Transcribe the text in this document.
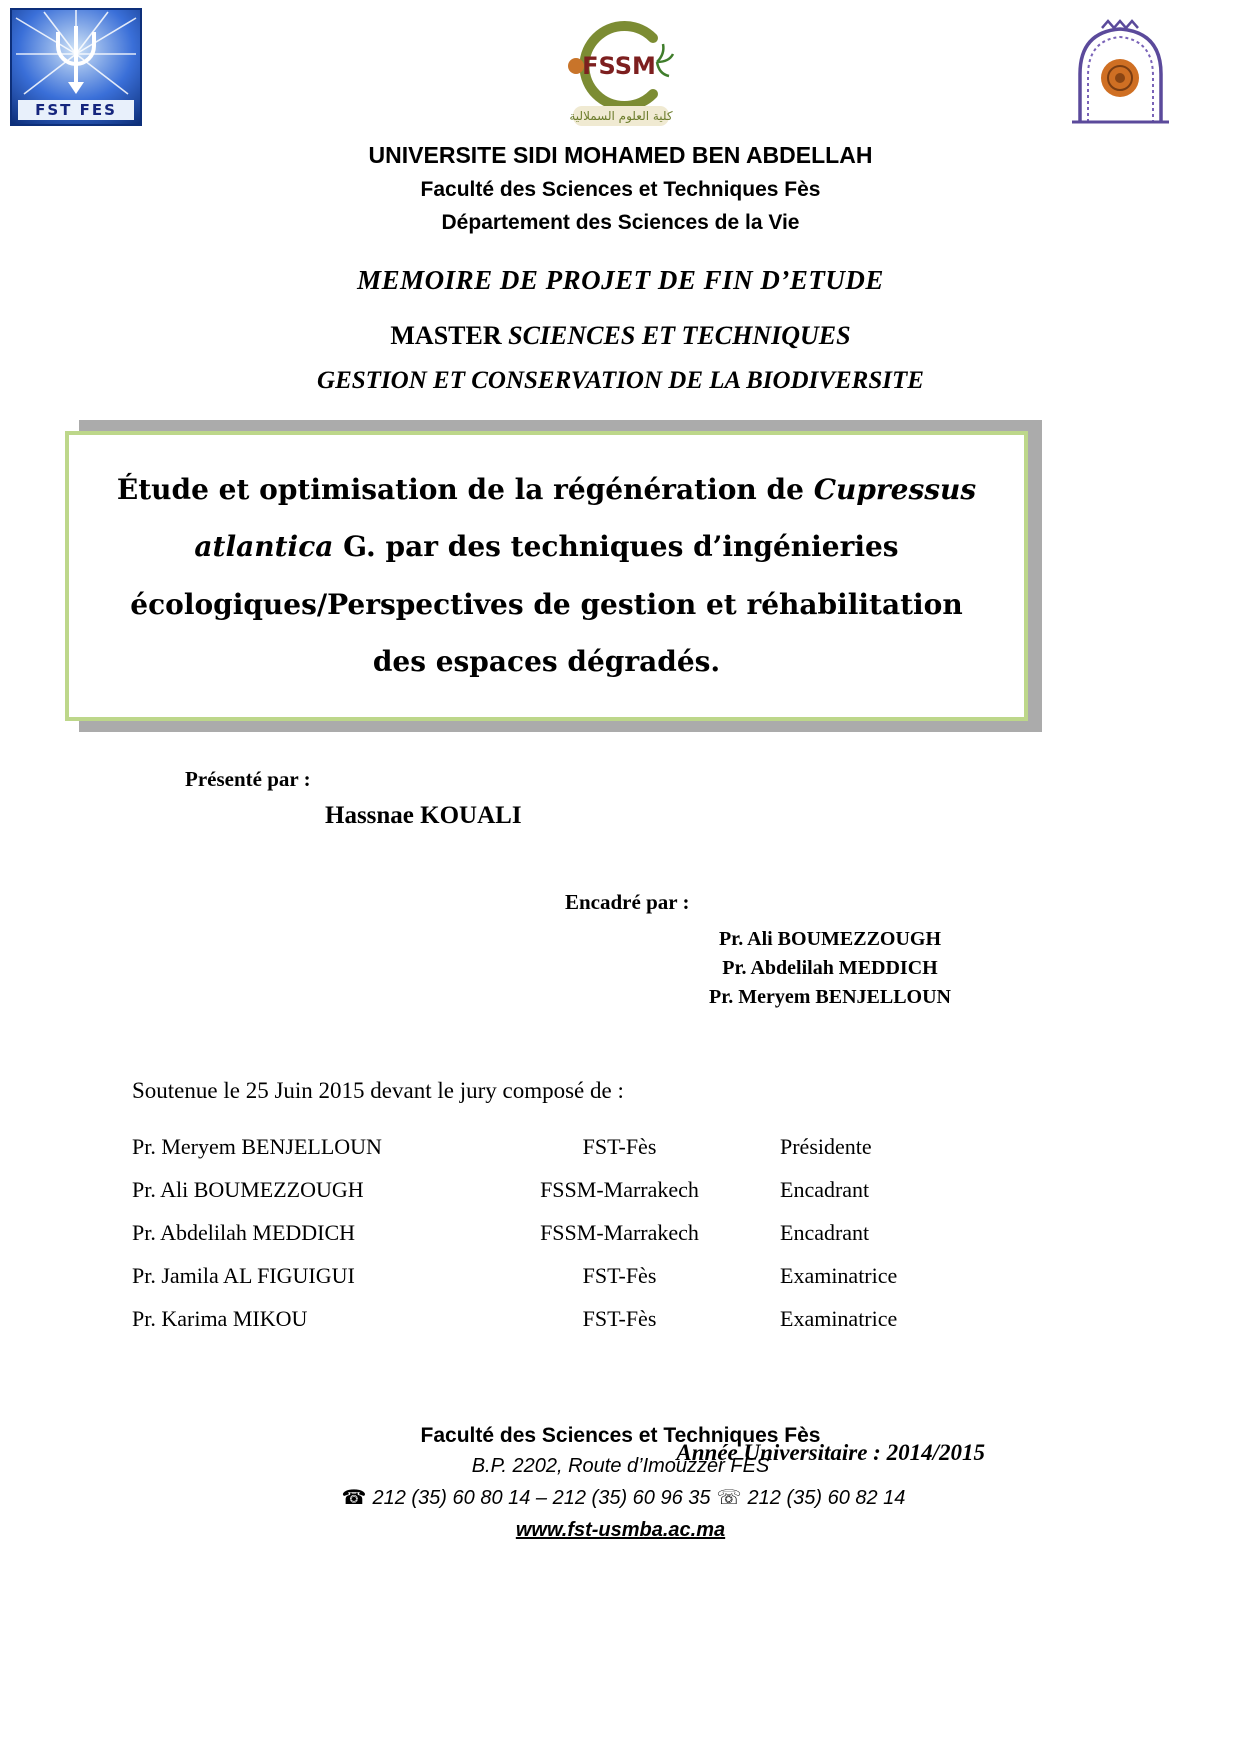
FST FES
FSSM
كلية العلوم السملالية
UNIVERSITE SIDI MOHAMED BEN ABDELLAH
Faculté des Sciences et Techniques Fès
Département des Sciences de la Vie
MEMOIRE DE PROJET DE FIN D’ETUDE
MASTER SCIENCES ET TECHNIQUES
GESTION ET CONSERVATION DE LA BIODIVERSITE
Étude et optimisation de la régénération de Cupressus atlantica G. par des techniques d’ingénieries écologiques/Perspectives de gestion et réhabilitation des espaces dégradés.
Présenté par :
Hassnae KOUALI
Encadré par :
Pr. Ali BOUMEZZOUGH
Pr. Abdelilah MEDDICH
Pr. Meryem BENJELLOUN
Soutenue le 25 Juin 2015 devant le jury composé de :
Pr. Meryem BENJELLOUN	FST-Fès	Présidente
Pr. Ali BOUMEZZOUGH	FSSM-Marrakech	Encadrant
Pr. Abdelilah MEDDICH	FSSM-Marrakech	Encadrant
Pr. Jamila AL FIGUIGUI	FST-Fès	Examinatrice
Pr. Karima MIKOU	FST-Fès	Examinatrice
Année Universitaire : 2014/2015
Faculté des Sciences et Techniques Fès
B.P. 2202, Route d’Imouzzer FES
☎ 212 (35) 60 80 14 – 212 (35) 60 96 35 ☏ 212 (35) 60 82 14
www.fst-usmba.ac.ma
